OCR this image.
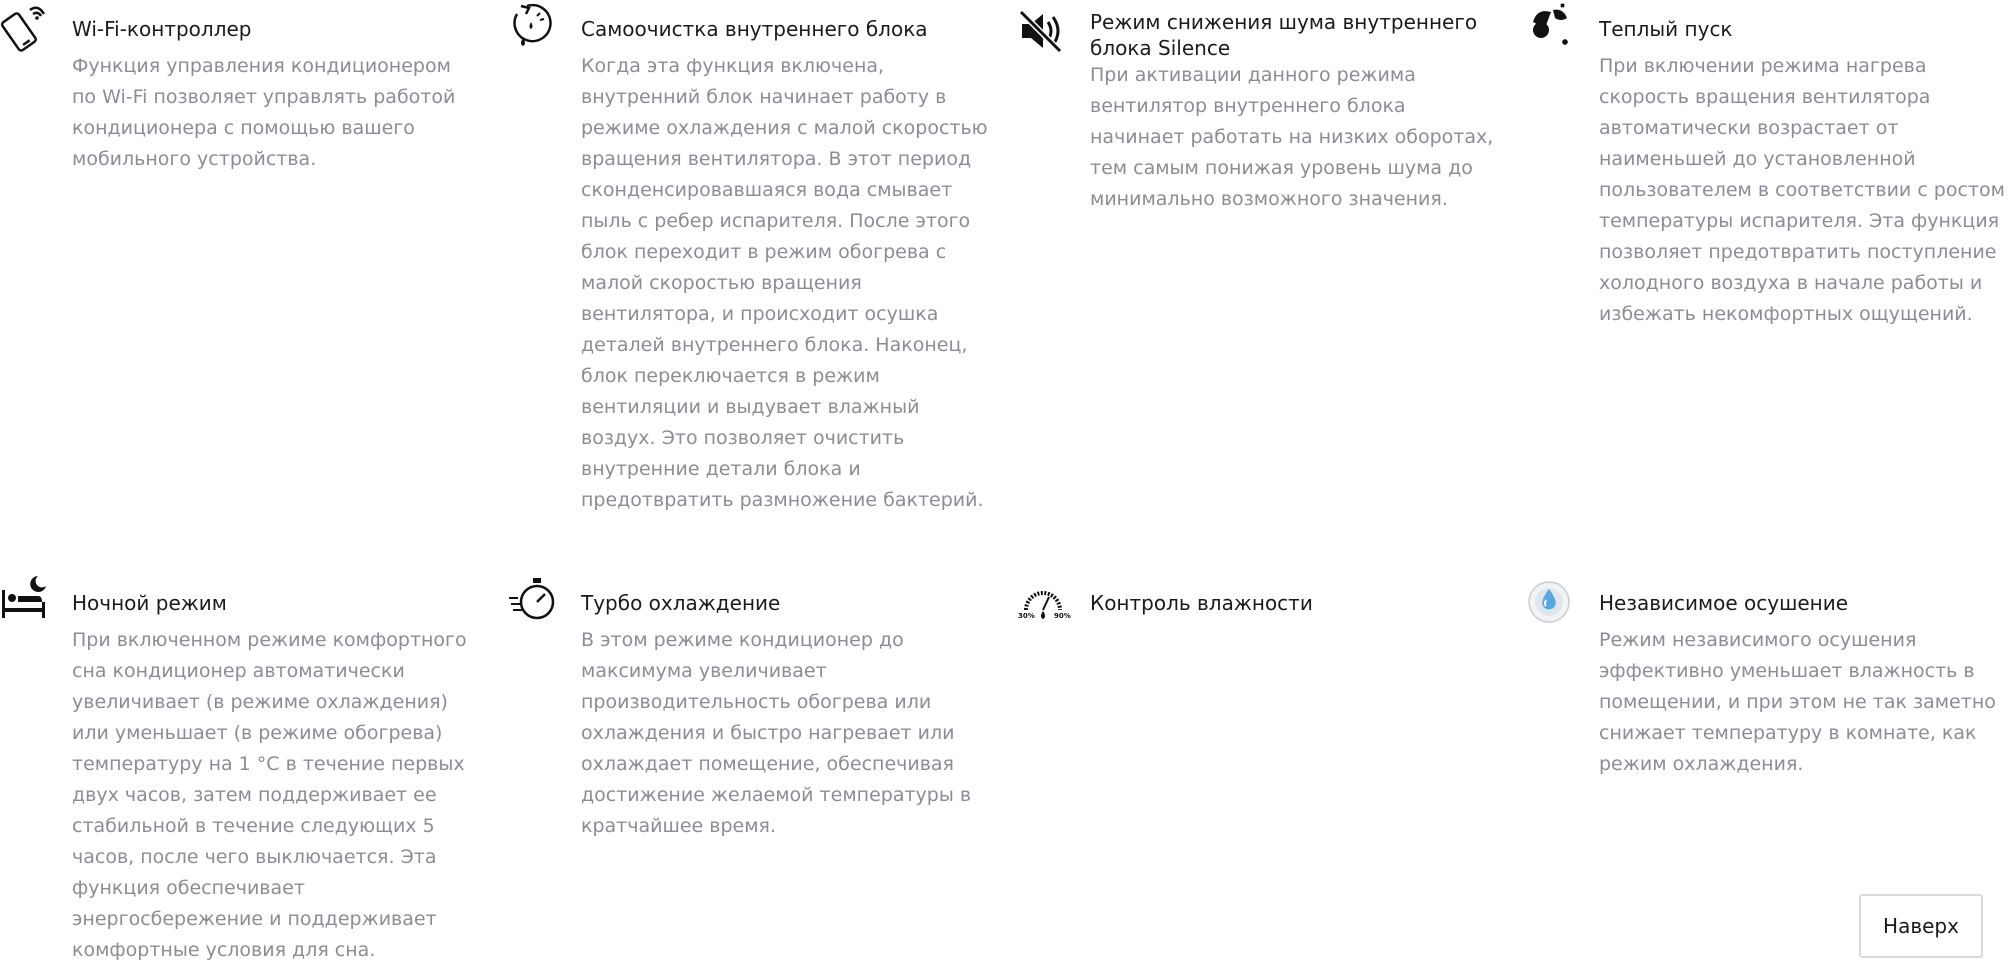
Wi-Fi-контроллер

Функция управления кондиционером по Wi-Fi позволяет управлять работой кондиционера с помощью вашего мобильного устройства.

Самоочистка внутреннего блока

Когда эта функция включена, внутренний блок начинает работу в режиме охлаждения с малой скоростью вращения вентилятора. В этот период сконденсировавшаяся вода смывает пыль с ребер испарителя. После этого блок переходит в режим обогрева с малой скоростью вращения вентилятора, и происходит осушка деталей внутреннего блока. Наконец, блок переключается в режим вентиляции и выдувает влажный воздух. Это позволяет очистить внутренние детали блока и предотвратить размножение бактерий.

Режим снижения шума внутреннего блока Silence

При активации данного режима вентилятор внутреннего блока начинает работать на низких оборотах, тем самым понижая уровень шума до минимально возможного значения.

Теплый пуск

При включении режима нагрева скорость вращения вентилятора автоматически возрастает от наименьшей до установленной пользователем в соответствии с ростом температуры испарителя. Эта функция позволяет предотвратить поступление холодного воздуха в начале работы и избежать некомфортных ощущений.

Ночной режим

При включенном режиме комфортного сна кондиционер автоматически увеличивает (в режиме охлаждения) или уменьшает (в режиме обогрева) температуру на 1 °С в течение первых двух часов, затем поддерживает ее стабильной в течение следующих 5 часов, после чего выключается. Эта функция обеспечивает энергосбережение и поддерживает комфортные условия для сна.

Турбо охлаждение

В этом режиме кондиционер до максимума увеличивает производительность обогрева или охлаждения и быстро нагревает или охлаждает помещение, обеспечивая достижение желаемой температуры в кратчайшее время.

30%	90%
Контроль влажности	Независимое осушение

Режим независимого осушения эффективно уменьшает влажность в помещении, и при этом не так заметно снижает температуру в комнате, как режим охлаждения.

Наверх
